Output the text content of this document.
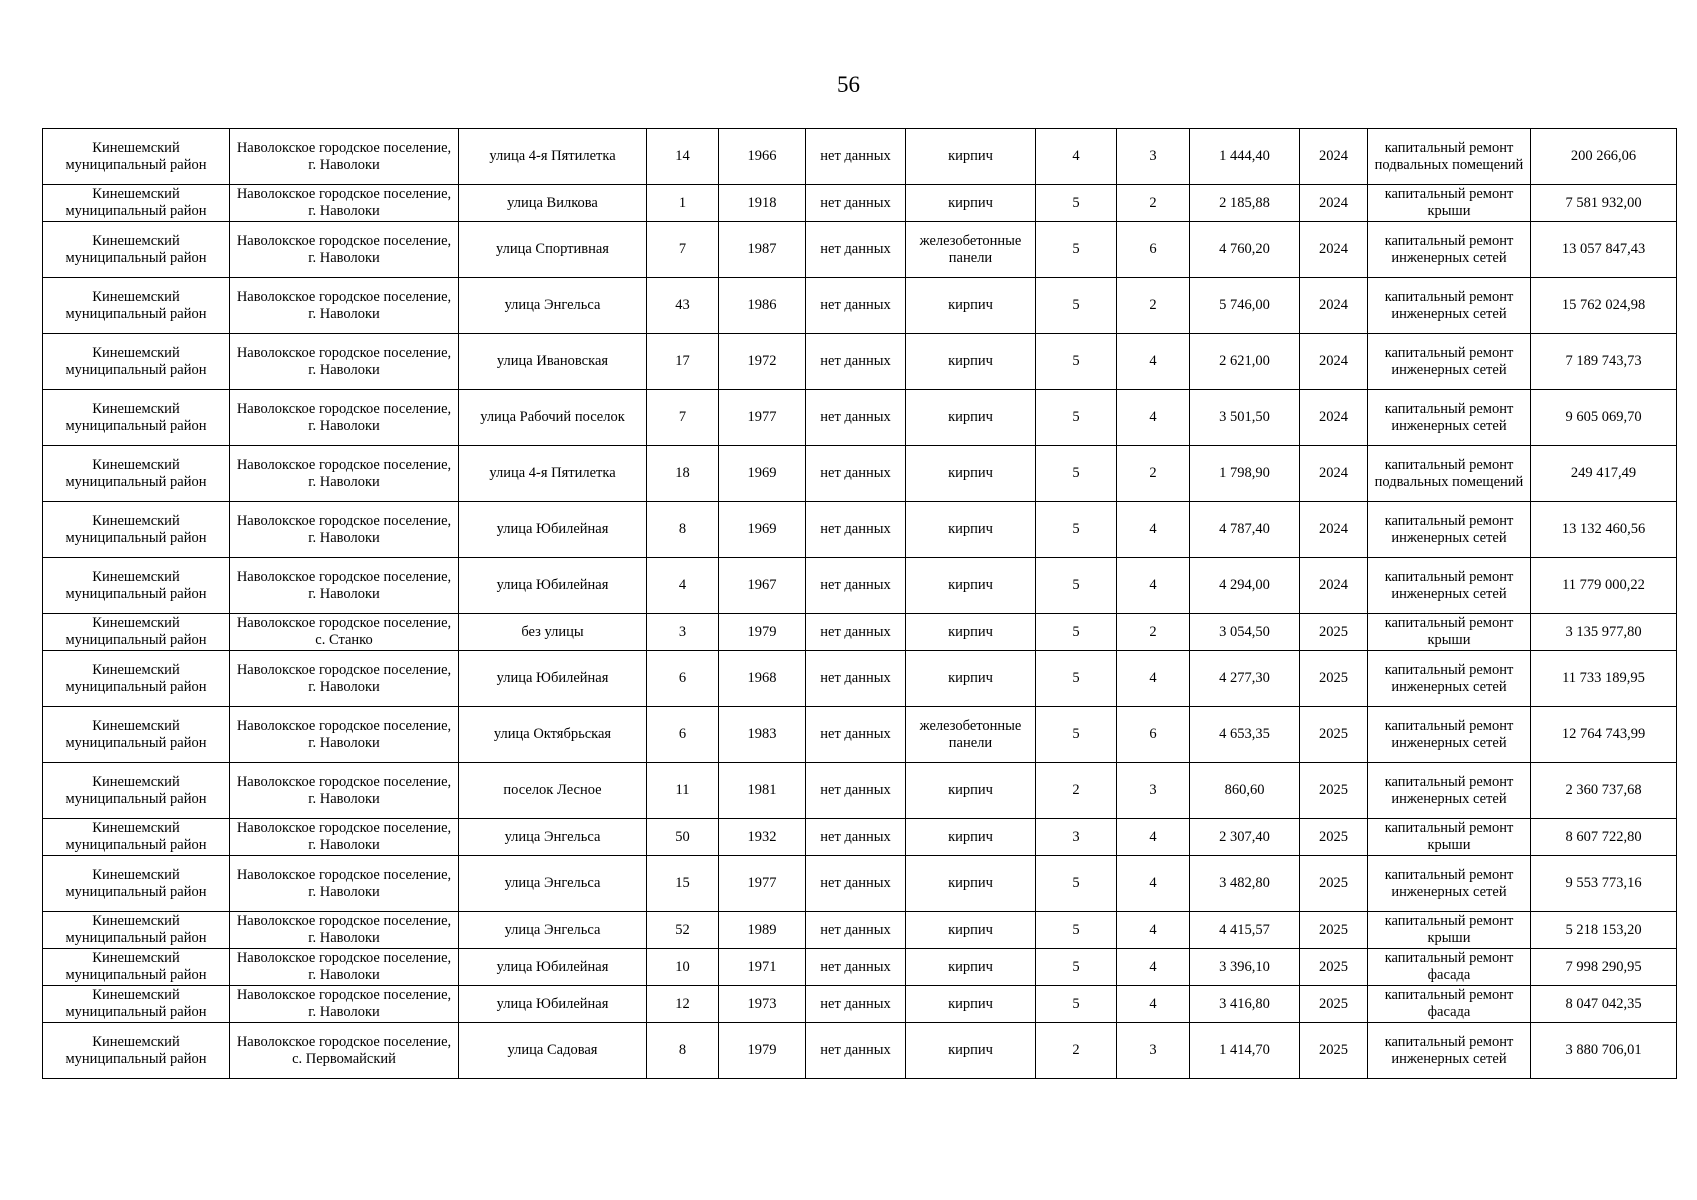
56
Кинешемский муниципальный район	Наволокское городское поселение, г. Наволоки	улица 4-я Пятилетка	14	1966	нет данных	кирпич	4	3	1 444,40	2024	капитальный ремонт подвальных помещений	200 266,06
Кинешемский муниципальный район	Наволокское городское поселение, г. Наволоки	улица Вилкова	1	1918	нет данных	кирпич	5	2	2 185,88	2024	капитальный ремонт крыши	7 581 932,00
Кинешемский муниципальный район	Наволокское городское поселение, г. Наволоки	улица Спортивная	7	1987	нет данных	железобетонные панели	5	6	4 760,20	2024	капитальный ремонт инженерных сетей	13 057 847,43
Кинешемский муниципальный район	Наволокское городское поселение, г. Наволоки	улица Энгельса	43	1986	нет данных	кирпич	5	2	5 746,00	2024	капитальный ремонт инженерных сетей	15 762 024,98
Кинешемский муниципальный район	Наволокское городское поселение, г. Наволоки	улица Ивановская	17	1972	нет данных	кирпич	5	4	2 621,00	2024	капитальный ремонт инженерных сетей	7 189 743,73
Кинешемский муниципальный район	Наволокское городское поселение, г. Наволоки	улица Рабочий поселок	7	1977	нет данных	кирпич	5	4	3 501,50	2024	капитальный ремонт инженерных сетей	9 605 069,70
Кинешемский муниципальный район	Наволокское городское поселение, г. Наволоки	улица 4-я Пятилетка	18	1969	нет данных	кирпич	5	2	1 798,90	2024	капитальный ремонт подвальных помещений	249 417,49
Кинешемский муниципальный район	Наволокское городское поселение, г. Наволоки	улица Юбилейная	8	1969	нет данных	кирпич	5	4	4 787,40	2024	капитальный ремонт инженерных сетей	13 132 460,56
Кинешемский муниципальный район	Наволокское городское поселение, г. Наволоки	улица Юбилейная	4	1967	нет данных	кирпич	5	4	4 294,00	2024	капитальный ремонт инженерных сетей	11 779 000,22
Кинешемский муниципальный район	Наволокское городское поселение, с. Станко	без улицы	3	1979	нет данных	кирпич	5	2	3 054,50	2025	капитальный ремонт крыши	3 135 977,80
Кинешемский муниципальный район	Наволокское городское поселение, г. Наволоки	улица Юбилейная	6	1968	нет данных	кирпич	5	4	4 277,30	2025	капитальный ремонт инженерных сетей	11 733 189,95
Кинешемский муниципальный район	Наволокское городское поселение, г. Наволоки	улица Октябрьская	6	1983	нет данных	железобетонные панели	5	6	4 653,35	2025	капитальный ремонт инженерных сетей	12 764 743,99
Кинешемский муниципальный район	Наволокское городское поселение, г. Наволоки	поселок Лесное	11	1981	нет данных	кирпич	2	3	860,60	2025	капитальный ремонт инженерных сетей	2 360 737,68
Кинешемский муниципальный район	Наволокское городское поселение, г. Наволоки	улица Энгельса	50	1932	нет данных	кирпич	3	4	2 307,40	2025	капитальный ремонт крыши	8 607 722,80
Кинешемский муниципальный район	Наволокское городское поселение, г. Наволоки	улица Энгельса	15	1977	нет данных	кирпич	5	4	3 482,80	2025	капитальный ремонт инженерных сетей	9 553 773,16
Кинешемский муниципальный район	Наволокское городское поселение, г. Наволоки	улица Энгельса	52	1989	нет данных	кирпич	5	4	4 415,57	2025	капитальный ремонт крыши	5 218 153,20
Кинешемский муниципальный район	Наволокское городское поселение, г. Наволоки	улица Юбилейная	10	1971	нет данных	кирпич	5	4	3 396,10	2025	капитальный ремонт фасада	7 998 290,95
Кинешемский муниципальный район	Наволокское городское поселение, г. Наволоки	улица Юбилейная	12	1973	нет данных	кирпич	5	4	3 416,80	2025	капитальный ремонт фасада	8 047 042,35
Кинешемский муниципальный район	Наволокское городское поселение, с. Первомайский	улица Садовая	8	1979	нет данных	кирпич	2	3	1 414,70	2025	капитальный ремонт инженерных сетей	3 880 706,01
